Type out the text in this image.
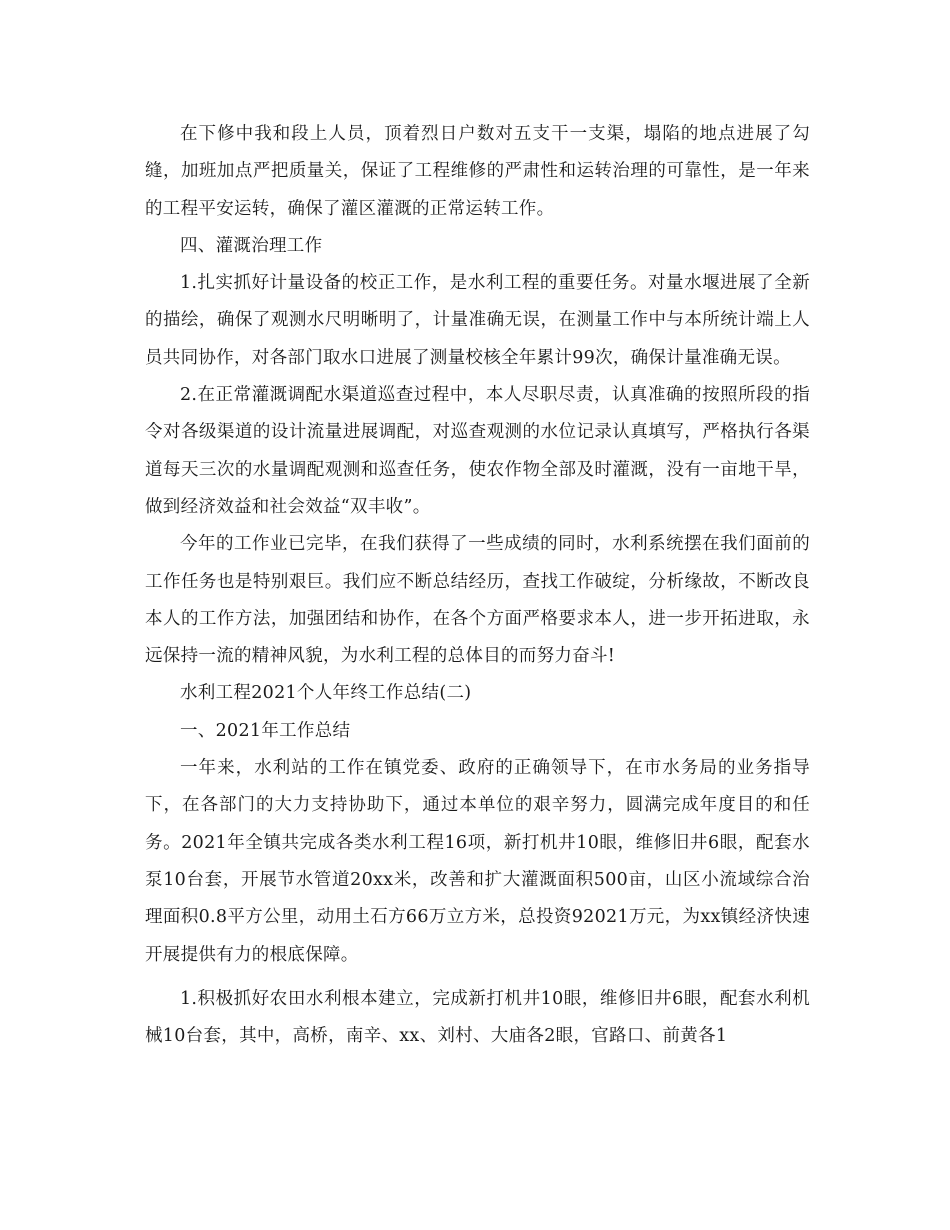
在下修中我和段上人员，顶着烈日户数对五支干一支渠，塌陷的地点进展了勾缝，加班加点严把质量关，保证了工程维修的严肃性和运转治理的可靠性，是一年来的工程平安运转，确保了灌区灌溉的正常运转工作。

四、灌溉治理工作

1.扎实抓好计量设备的校正工作，是水利工程的重要任务。对量水堰进展了全新的描绘，确保了观测水尺明晰明了，计量准确无误，在测量工作中与本所统计端上人员共同协作，对各部门取水口进展了测量校核全年累计99次，确保计量准确无误。

2.在正常灌溉调配水渠道巡查过程中，本人尽职尽责，认真准确的按照所段的指令对各级渠道的设计流量进展调配，对巡查观测的水位记录认真填写，严格执行各渠道每天三次的水量调配观测和巡查任务，使农作物全部及时灌溉，没有一亩地干旱，做到经济效益和社会效益“双丰收”。

今年的工作业已完毕，在我们获得了一些成绩的同时，水利系统摆在我们面前的工作任务也是特别艰巨。我们应不断总结经历，查找工作破绽，分析缘故，不断改良本人的工作方法，加强团结和协作，在各个方面严格要求本人，进一步开拓进取，永远保持一流的精神风貌，为水利工程的总体目的而努力奋斗!

水利工程2021个人年终工作总结(二)

一、2021年工作总结

一年来，水利站的工作在镇党委、政府的正确领导下，在市水务局的业务指导下，在各部门的大力支持协助下，通过本单位的艰辛努力，圆满完成年度目的和任务。2021年全镇共完成各类水利工程16项，新打机井10眼，维修旧井6眼，配套水泵10台套，开展节水管道20xx米，改善和扩大灌溉面积500亩，山区小流域综合治理面积0.8平方公里，动用土石方66万立方米，总投资92021万元，为xx镇经济快速开展提供有力的根底保障。

1.积极抓好农田水利根本建立，完成新打机井10眼，维修旧井6眼，配套水利机械10台套，其中，高桥，南辛、xx、刘村、大庙各2眼，官路口、前黄各1
